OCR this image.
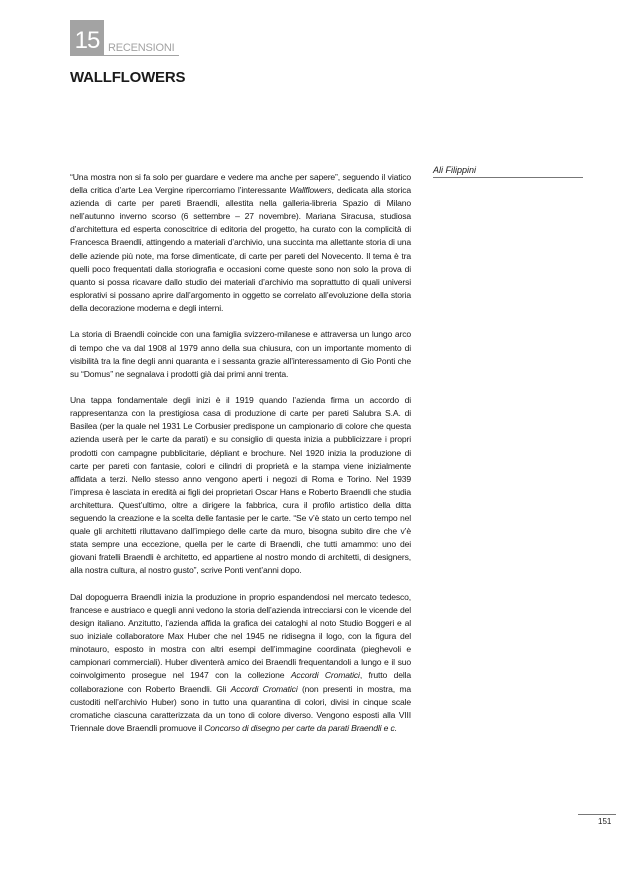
15 RECENSIONI
WALLFLOWERS
Ali Filippini

“Una mostra non si fa solo per guardare e vedere ma anche per sapere”, seguendo il viatico della critica d’arte Lea Vergine ripercorriamo l’interessante Wallflowers, dedicata alla storica azienda di carte per pareti Braendli, allestita nella galleria-libreria Spazio di Milano nell’autunno inverno scorso (6 settembre – 27 novembre). Mariana Siracusa, studiosa d’architettura ed esperta conoscitrice di editoria del progetto, ha curato con la complicità di Francesca Braendli, attingendo a materiali d’archivio, una succinta ma allettante storia di una delle aziende più note, ma forse dimenticate, di carte per pareti del Novecento. Il tema è tra quelli poco frequentati dalla storiografia e occasioni come queste sono non solo la prova di quanto si possa ricavare dallo studio dei materiali d’archivio ma soprattutto di quali universi esplorativi si possano aprire dall’argomento in oggetto se correlato all’evoluzione della storia della decorazione moderna e degli interni.

La storia di Braendli coincide con una famiglia svizzero-milanese e attraversa un lungo arco di tempo che va dal 1908 al 1979 anno della sua chiusura, con un importante momento di visibilità tra la fine degli anni quaranta e i sessanta grazie all’interessamento di Gio Ponti che su “Domus” ne segnalava i prodotti già dai primi anni trenta.

Una tappa fondamentale degli inizi è il 1919 quando l’azienda firma un accordo di rappresentanza con la prestigiosa casa di produzione di carte per pareti Salubra S.A. di Basilea (per la quale nel 1931 Le Corbusier predispone un campionario di colore che questa azienda userà per le carte da parati) e su consiglio di questa inizia a pubblicizzare i propri prodotti con campagne pubblicitarie, dépliant e brochure. Nel 1920 inizia la produzione di carte per pareti con fantasie, colori e cilindri di proprietà e la stampa viene inizialmente affidata a terzi. Nello stesso anno vengono aperti i negozi di Roma e Torino. Nel 1939 l’impresa è lasciata in eredità ai figli dei proprietari Oscar Hans e Roberto Braendli che studia architettura. Quest’ultimo, oltre a dirigere la fabbrica, cura il profilo artistico della ditta seguendo la creazione e la scelta delle fantasie per le carte. “Se v’è stato un certo tempo nel quale gli architetti riluttavano dall’impiego delle carte da muro, bisogna subito dire che v’è stata sempre una eccezione, quella per le carte di Braendli, che tutti amammo: uno dei giovani fratelli Braendli è architetto, ed appartiene al nostro mondo di architetti, di designers, alla nostra cultura, al nostro gusto”, scrive Ponti vent’anni dopo.

Dal dopoguerra Braendli inizia la produzione in proprio espandendosi nel mercato tedesco, francese e austriaco e quegli anni vedono la storia dell’azienda intrecciarsi con le vicende del design italiano. Anzitutto, l’azienda affida la grafica dei cataloghi al noto Studio Boggeri e al suo iniziale collaboratore Max Huber che nel 1945 ne ridisegna il logo, con la figura del minotauro, esposto in mostra con altri esempi dell’immagine coordinata (pieghevoli e campionari commerciali). Huber diventerà amico dei Braendli frequentandoli a lungo e il suo coinvolgimento prosegue nel 1947 con la collezione Accordi Cromatici, frutto della collaborazione con Roberto Braendli. Gli Accordi Cromatici (non presenti in mostra, ma custoditi nell’archivio Huber) sono in tutto una quarantina di colori, divisi in cinque scale cromatiche ciascuna caratterizzata da un tono di colore diverso. Vengono esposti alla VIII Triennale dove Braendli promuove il Concorso di disegno per carte da parati Braendli e c.

151
